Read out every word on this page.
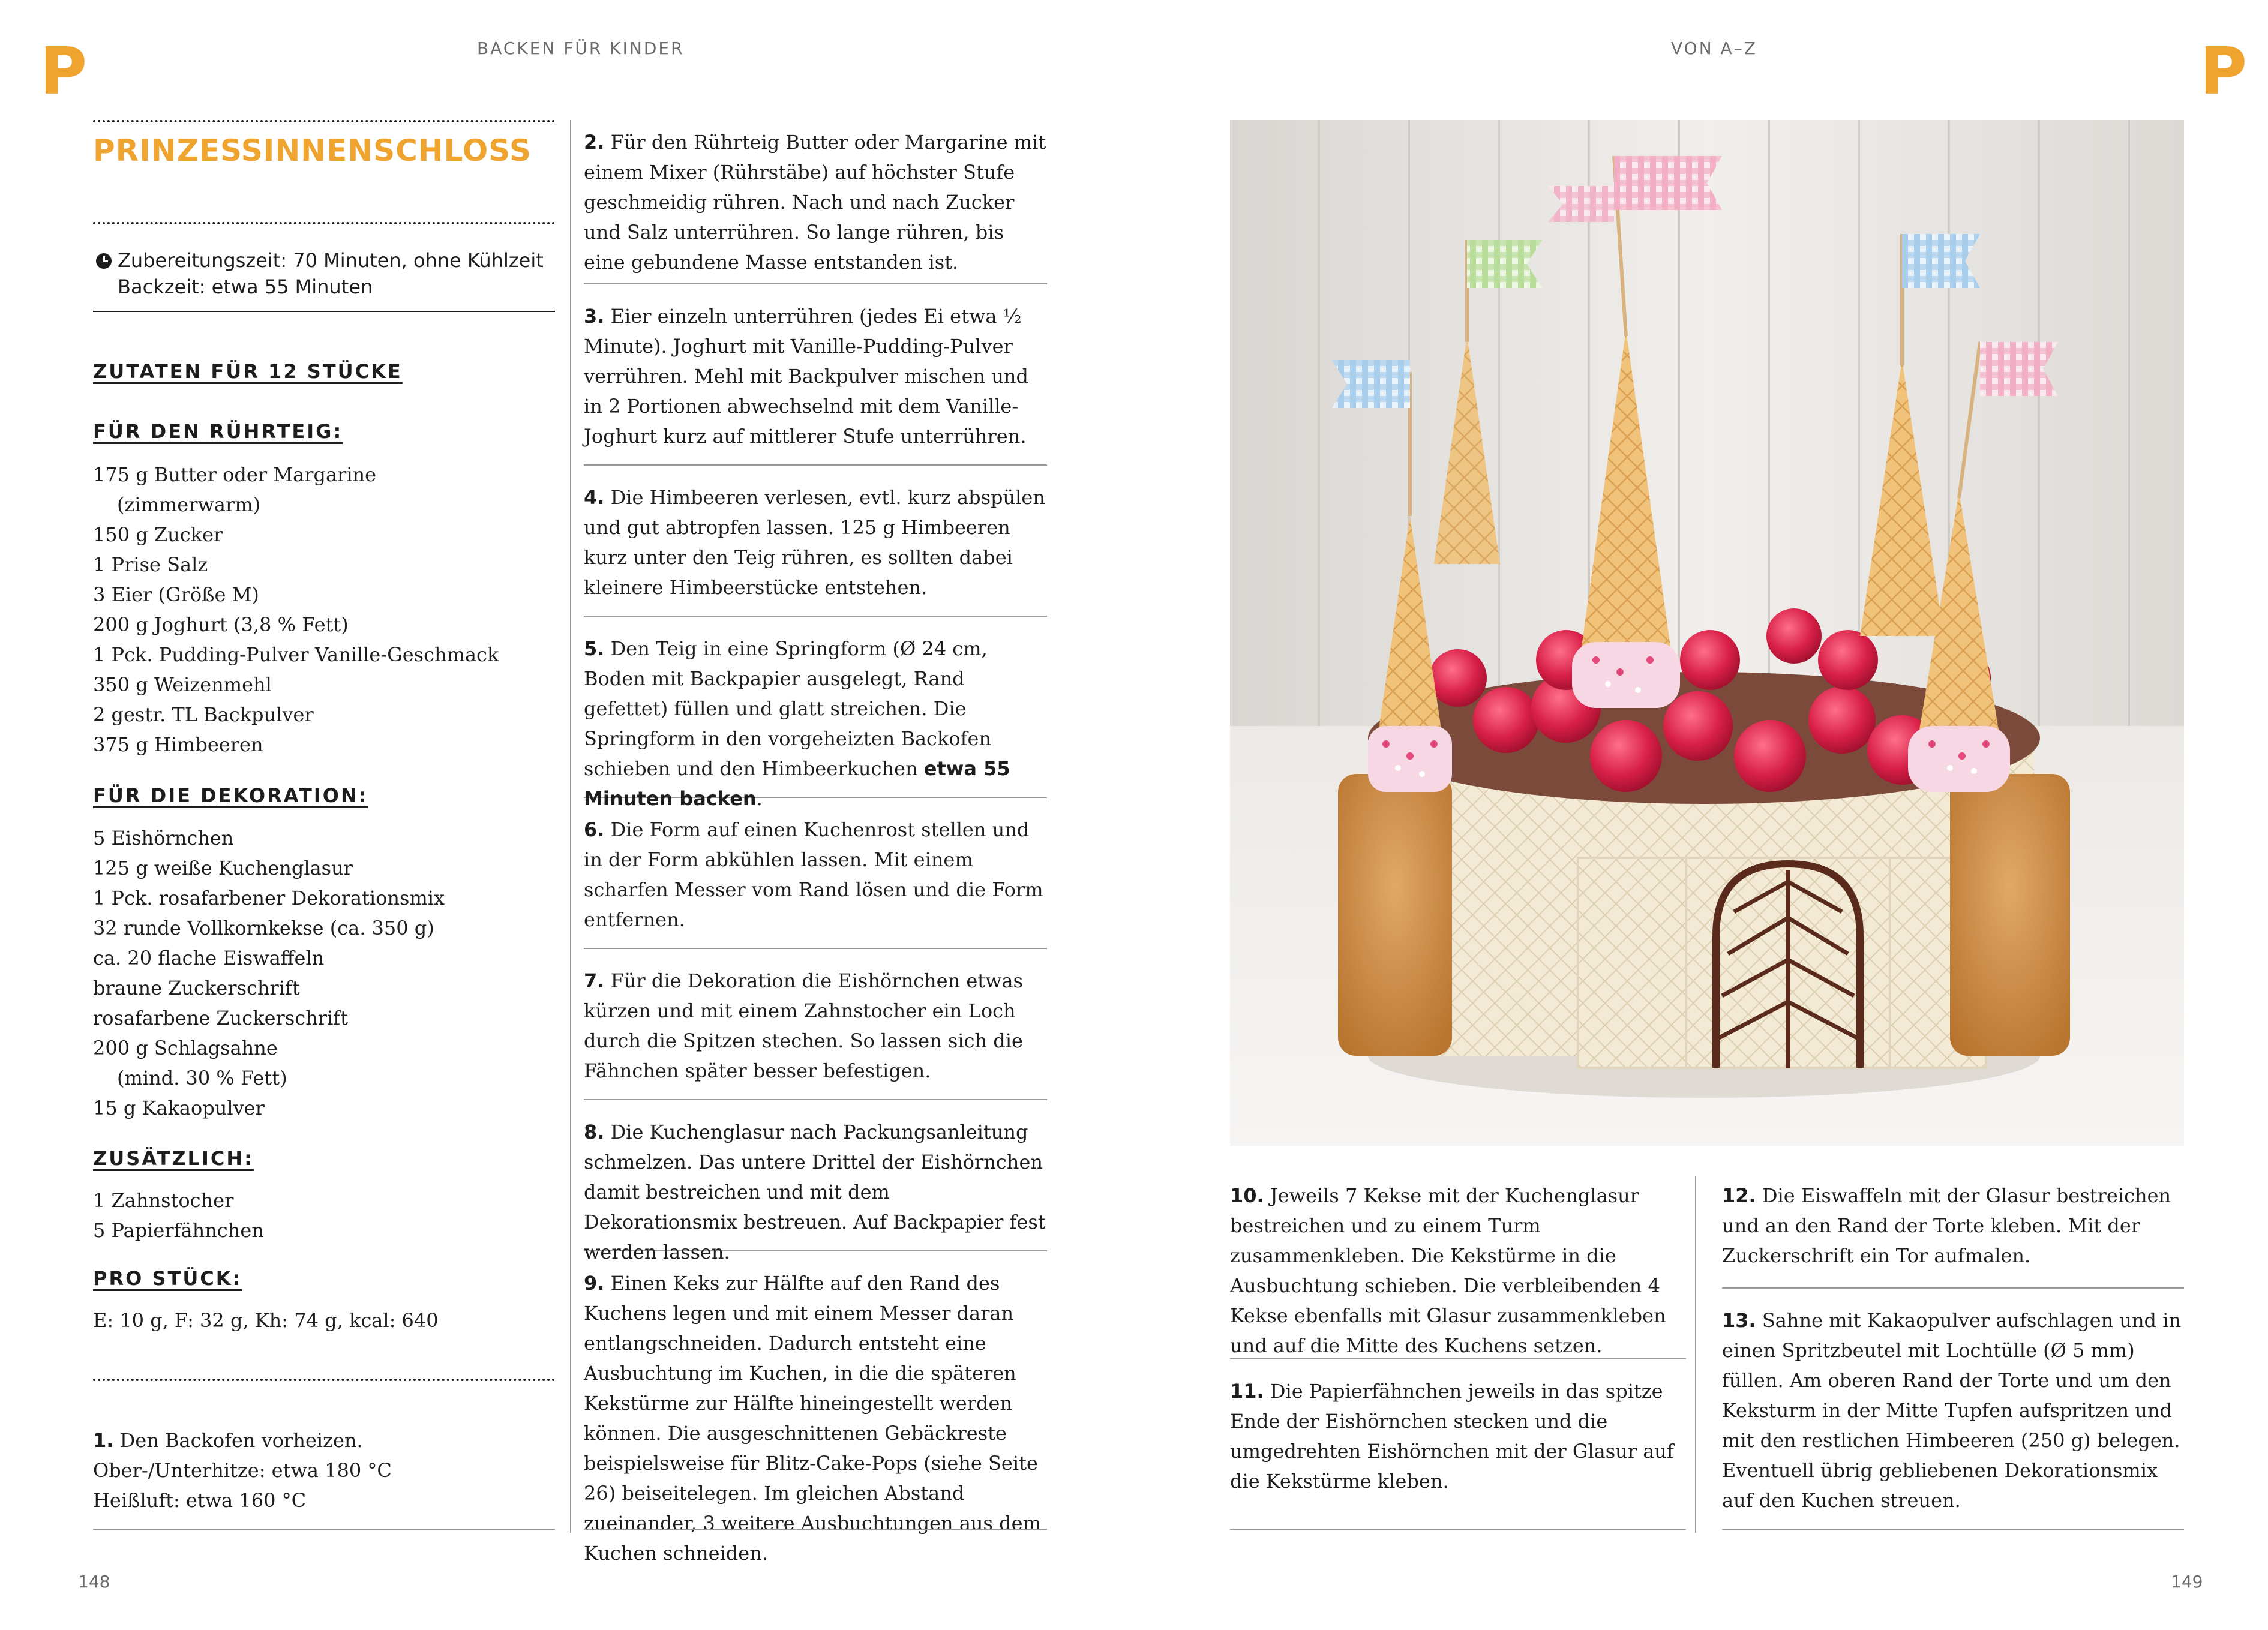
P	P
BACKEN FÜR KINDER	VON A–Z
PRINZESSINNENSCHLOSS
Zubereitungszeit: 70 Minuten, ohne Kühlzeit
Backzeit: etwa 55 Minuten
ZUTATEN FÜR 12 STÜCKE
FÜR DEN RÜHRTEIG:
175 g Butter oder Margarine
(zimmerwarm)
150 g Zucker
1 Prise Salz
3 Eier (Größe M)
200 g Joghurt (3,8 % Fett)
1 Pck. Pudding-Pulver Vanille-Geschmack
350 g Weizenmehl
2 gestr. TL Backpulver
375 g Himbeeren
FÜR DIE DEKORATION:
5 Eishörnchen
125 g weiße Kuchenglasur
1 Pck. rosafarbener Dekorationsmix
32 runde Vollkornkekse (ca. 350 g)
ca. 20 flache Eiswaffeln
braune Zuckerschrift
rosafarbene Zuckerschrift
200 g Schlagsahne
(mind. 30 % Fett)
15 g Kakaopulver
ZUSÄTZLICH:
1 Zahnstocher
5 Papierfähnchen
PRO STÜCK:
E: 10 g, F: 32 g, Kh: 74 g, kcal: 640
1. Den Backofen vorheizen.
Ober-/Unterhitze: etwa 180 °C
Heißluft: etwa 160 °C
2. Für den Rührteig Butter oder Margarine mit einem Mixer (Rührstäbe) auf höchster Stufe geschmeidig rühren. Nach und nach Zucker und Salz unterrühren. So lange rühren, bis eine gebundene Masse entstanden ist.
3. Eier einzeln unterrühren (jedes Ei etwa ½ Minute). Joghurt mit Vanille-Pudding-Pulver verrühren. Mehl mit Backpulver mischen und in 2 Portionen abwechselnd mit dem Vanille-Joghurt kurz auf mittlerer Stufe unterrühren.
4. Die Himbeeren verlesen, evtl. kurz abspülen und gut abtropfen lassen. 125 g Himbeeren kurz unter den Teig rühren, es sollten dabei kleinere Himbeerstücke entstehen.
5. Den Teig in eine Springform (Ø 24 cm, Boden mit Backpapier ausgelegt, Rand gefettet) füllen und glatt streichen. Die Springform in den vorgeheizten Backofen schieben und den Himbeerkuchen etwa 55 Minuten backen.
6. Die Form auf einen Kuchenrost stellen und in der Form abkühlen lassen. Mit einem scharfen Messer vom Rand lösen und die Form entfernen.
7. Für die Dekoration die Eishörnchen etwas kürzen und mit einem Zahnstocher ein Loch durch die Spitzen stechen. So lassen sich die Fähnchen später besser befestigen.
8. Die Kuchenglasur nach Packungsanleitung schmelzen. Das untere Drittel der Eishörnchen damit bestreichen und mit dem Dekorationsmix bestreuen. Auf Backpapier fest werden lassen.
9. Einen Keks zur Hälfte auf den Rand des Kuchens legen und mit einem Messer daran entlangschneiden. Dadurch entsteht eine Ausbuchtung im Kuchen, in die die späteren Kekstürme zur Hälfte hineingestellt werden können. Die ausgeschnittenen Gebäckreste beispielsweise für Blitz-Cake-Pops (siehe Seite 26) beiseitelegen. Im gleichen Abstand zueinander, 3 weitere Ausbuchtungen aus dem Kuchen schneiden.
10. Jeweils 7 Kekse mit der Kuchenglasur bestreichen und zu einem Turm zusammenkleben. Die Kekstürme in die Ausbuchtung schieben. Die verbleibenden 4 Kekse ebenfalls mit Glasur zusammenkleben und auf die Mitte des Kuchens setzen.
11. Die Papierfähnchen jeweils in das spitze Ende der Eishörnchen stecken und die umgedrehten Eishörnchen mit der Glasur auf die Kekstürme kleben.
12. Die Eiswaffeln mit der Glasur bestreichen und an den Rand der Torte kleben. Mit der Zuckerschrift ein Tor aufmalen.
13. Sahne mit Kakaopulver aufschlagen und in einen Spritzbeutel mit Lochtülle (Ø 5 mm) füllen. Am oberen Rand der Torte und um den Keksturm in der Mitte Tupfen aufspritzen und mit den restlichen Himbeeren (250 g) belegen. Eventuell übrig gebliebenen Dekorationsmix auf den Kuchen streuen.
148	149
